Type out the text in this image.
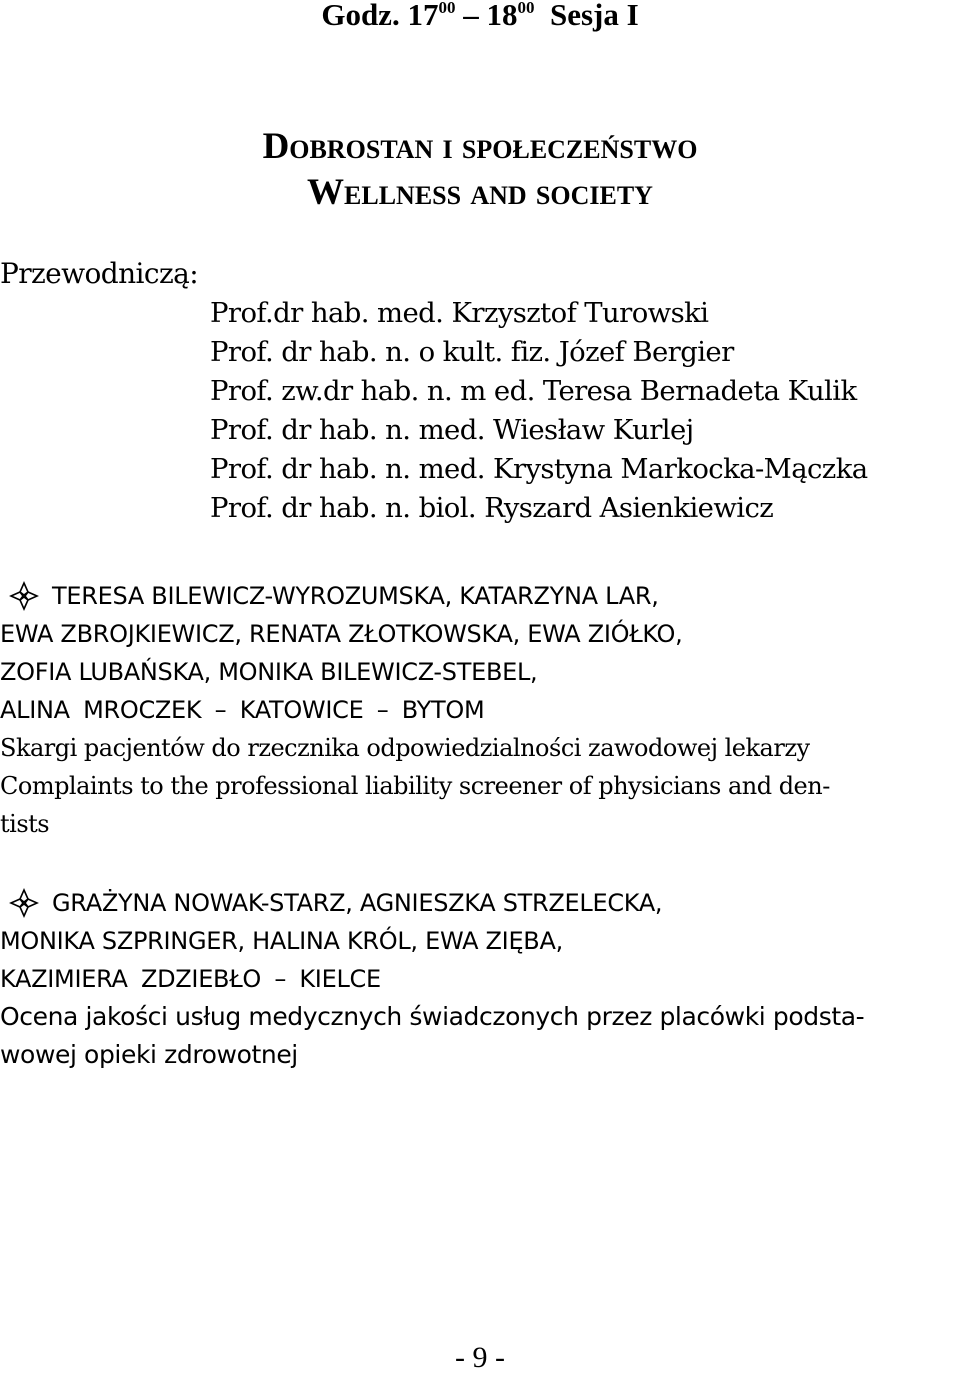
Godz. $17^{00} - 18^{00}$  Sesja I
Dobrostan i społeczeństwo
Wellness and society
Przewodniczą:
Prof.dr hab. med. Krzysztof Turowski
Prof. dr hab. n. o kult. fiz. Józef Bergier
Prof. zw.dr hab. n. m ed. Teresa Bernadeta Kulik
Prof. dr hab. n. med. Wiesław Kurlej
Prof. dr hab. n. med. Krystyna Markocka-Mączka
Prof. dr hab. n. biol. Ryszard Asienkiewicz
TERESA BILEWICZ-WYROZUMSKA, KATARZYNA LAR,
EWA ZBROJKIEWICZ, RENATA ZŁOTKOWSKA, EWA ZIÓŁKO,
ZOFIA LUBAŃSKA, MONIKA BILEWICZ-STEBEL,
ALINA MROCZEK – KATOWICE – BYTOM
Skargi pacjentów do rzecznika odpowiedzialności zawodowej lekarzy
Complaints to the professional liability screener of physicians and den-
tists
GRAŻYNA NOWAK-STARZ, AGNIESZKA STRZELECKA,
MONIKA SZPRINGER, HALINA KRÓL, EWA ZIĘBA,
KAZIMIERA ZDZIEBŁO – KIELCE
Ocena jakości usług medycznych świadczonych przez placówki podsta-
wowej opieki zdrowotnej
- 9 -
